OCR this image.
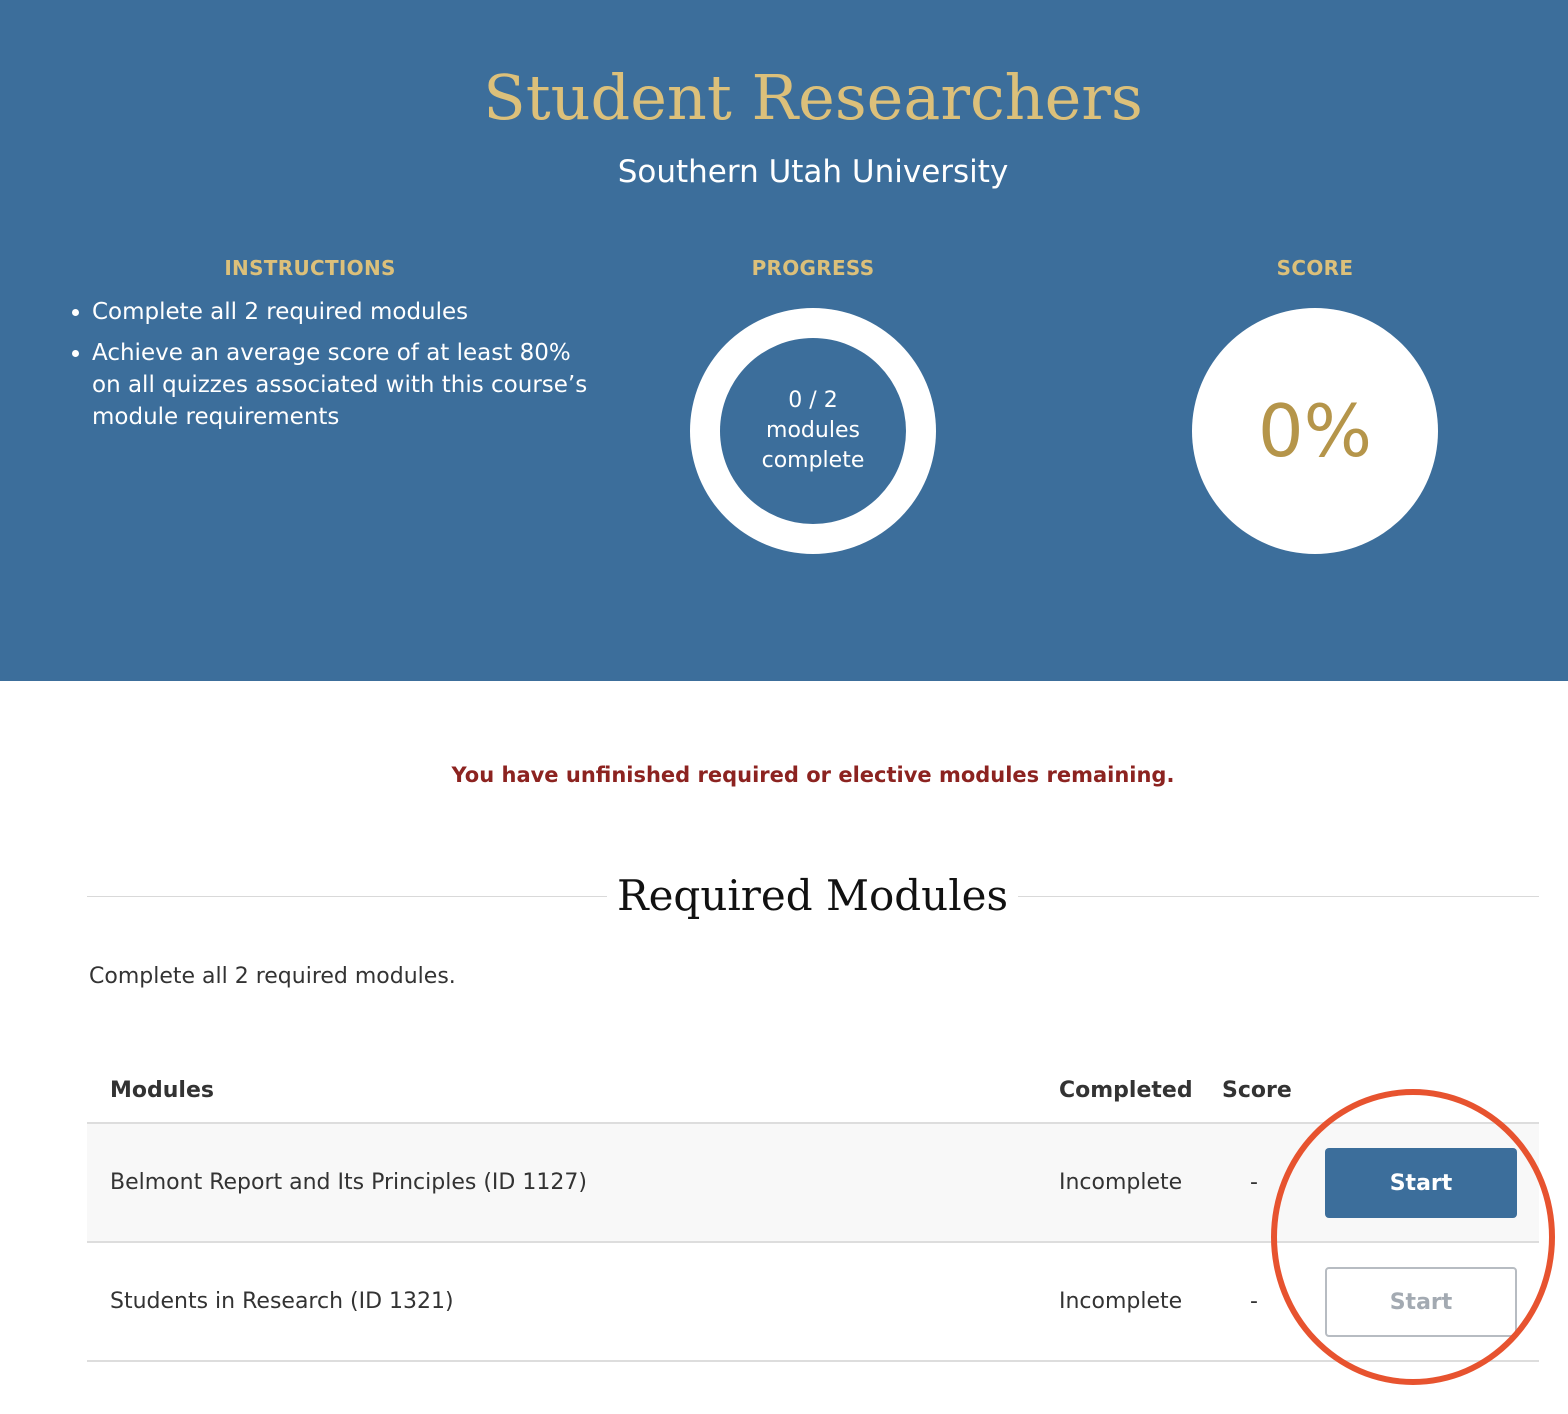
Student Researchers
Southern Utah University
INSTRUCTIONS	PROGRESS	SCORE
• Complete all 2 required modules
• Achieve an average score of at least 80% on all quizzes associated with this course’s module requirements
0 / 2
modules
complete	0%
You have unfinished required or elective modules remaining.
Required Modules
Complete all 2 required modules.
Modules	Completed Score
Belmont Report and Its Principles (ID 1127)	Incomplete	-	Start
Students in Research (ID 1321)	Incomplete	-	Start
